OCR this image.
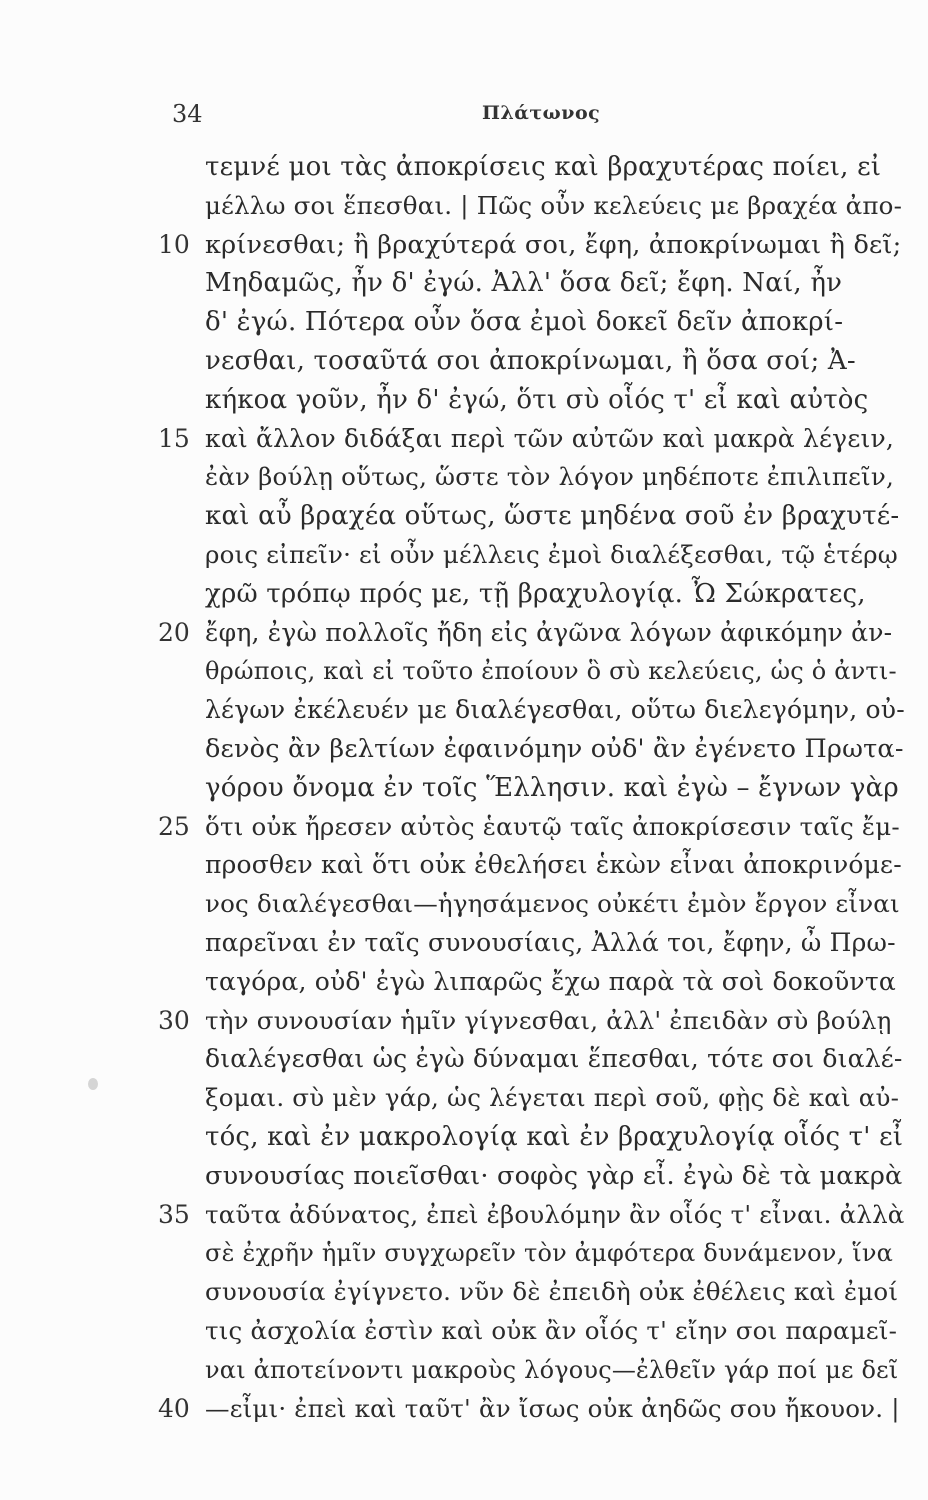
34	Πλάτωνος
τεμνέ μοι τὰς ἀποκρίσεις καὶ βραχυτέρας ποίει, εἰ
μέλλω σοι ἕπεσθαι. | Πῶς οὖν κελεύεις με βραχέα ἀπο-
10 κρίνεσθαι; ἢ βραχύτερά σοι, ἔφη, ἀποκρίνωμαι ἢ δεῖ;
Μηδαμῶς, ἦν δ' ἐγώ. Ἀλλ' ὅσα δεῖ; ἔφη. Ναί, ἦν
δ' ἐγώ. Πότερα οὖν ὅσα ἐμοὶ δοκεῖ δεῖν ἀποκρί-
νεσθαι, τοσαῦτά σοι ἀποκρίνωμαι, ἢ ὅσα σοί; Ἀ-
κήκοα γοῦν, ἦν δ' ἐγώ, ὅτι σὺ οἷός τ' εἶ καὶ αὐτὸς
15 καὶ ἄλλον διδάξαι περὶ τῶν αὐτῶν καὶ μακρὰ λέγειν,
ἐὰν βούλῃ οὕτως, ὥστε τὸν λόγον μηδέποτε ἐπιλιπεῖν,
καὶ αὖ βραχέα οὕτως, ὥστε μηδένα σοῦ ἐν βραχυτέ-
ροις εἰπεῖν· εἰ οὖν μέλλεις ἐμοὶ διαλέξεσθαι, τῷ ἑτέρῳ
χρῶ τρόπῳ πρός με, τῇ βραχυλογίᾳ. Ὦ Σώκρατες,
20 ἔφη, ἐγὼ πολλοῖς ἤδη εἰς ἀγῶνα λόγων ἀφικόμην ἀν-
θρώποις, καὶ εἰ τοῦτο ἐποίουν ὃ σὺ κελεύεις, ὡς ὁ ἀντι-
λέγων ἐκέλευέν με διαλέγεσθαι, οὕτω διελεγόμην, οὐ-
δενὸς ἂν βελτίων ἐφαινόμην οὐδ' ἂν ἐγένετο Πρωτα-
γόρου ὄνομα ἐν τοῖς Ἕλλησιν. καὶ ἐγὼ – ἔγνων γὰρ
25 ὅτι οὐκ ἤρεσεν αὐτὸς ἑαυτῷ ταῖς ἀποκρίσεσιν ταῖς ἔμ-
προσθεν καὶ ὅτι οὐκ ἐθελήσει ἑκὼν εἶναι ἀποκρινόμε-
νος διαλέγεσθαι—ἡγησάμενος οὐκέτι ἐμὸν ἔργον εἶναι
παρεῖναι ἐν ταῖς συνουσίαις, Ἀλλά τοι, ἔφην, ὦ Πρω-
ταγόρα, οὐδ' ἐγὼ λιπαρῶς ἔχω παρὰ τὰ σοὶ δοκοῦντα
30 τὴν συνουσίαν ἡμῖν γίγνεσθαι, ἀλλ' ἐπειδὰν σὺ βούλῃ
διαλέγεσθαι ὡς ἐγὼ δύναμαι ἕπεσθαι, τότε σοι διαλέ-
ξομαι. σὺ μὲν γάρ, ὡς λέγεται περὶ σοῦ, φῂς δὲ καὶ αὐ-
τός, καὶ ἐν μακρολογίᾳ καὶ ἐν βραχυλογίᾳ οἷός τ' εἶ
συνουσίας ποιεῖσθαι· σοφὸς γὰρ εἶ. ἐγὼ δὲ τὰ μακρὰ
35 ταῦτα ἀδύνατος, ἐπεὶ ἐβουλόμην ἂν οἷός τ' εἶναι. ἀλλὰ
σὲ ἐχρῆν ἡμῖν συγχωρεῖν τὸν ἀμφότερα δυνάμενον, ἵνα
συνουσία ἐγίγνετο. νῦν δὲ ἐπειδὴ οὐκ ἐθέλεις καὶ ἐμοί
τις ἀσχολία ἐστὶν καὶ οὐκ ἂν οἷός τ' εἴην σοι παραμεῖ-
ναι ἀποτείνοντι μακροὺς λόγους—ἐλθεῖν γάρ ποί με δεῖ
40 —εἶμι· ἐπεὶ καὶ ταῦτ' ἂν ἴσως οὐκ ἀηδῶς σου ἤκουον. |
